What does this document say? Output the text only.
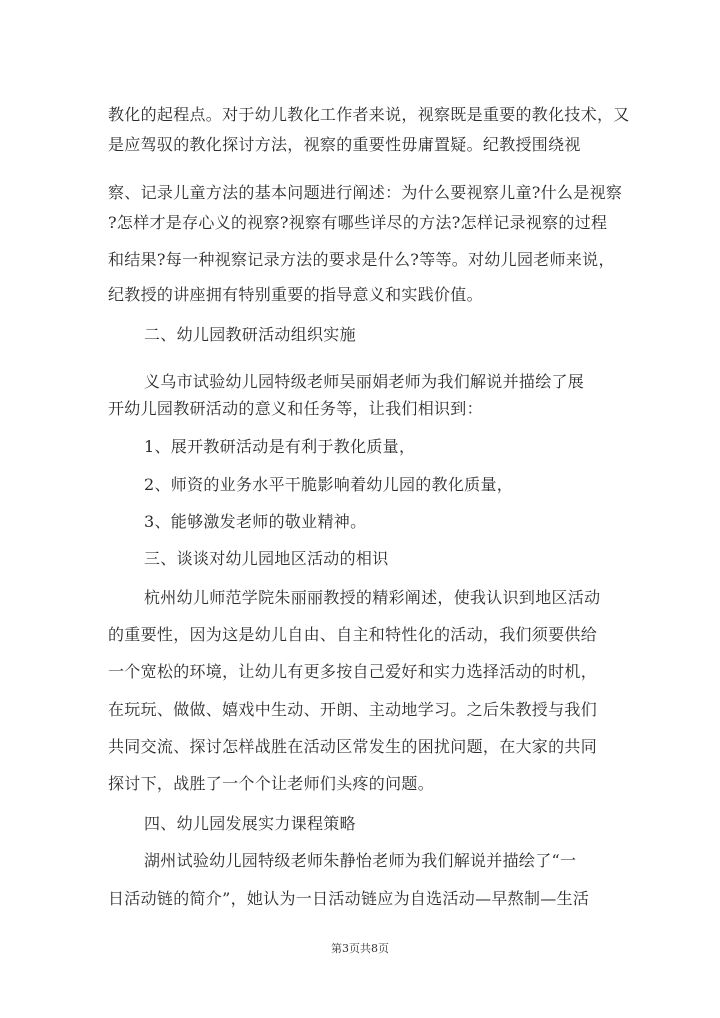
教化的起程点。对于幼儿教化工作者来说，视察既是重要的教化技术，又
是应驾驭的教化探讨方法，视察的重要性毋庸置疑。纪教授围绕视
察、记录儿童方法的基本问题进行阐述：为什么要视察儿童?什么是视察
?怎样才是存心义的视察?视察有哪些详尽的方法?怎样记录视察的过程
和结果?每一种视察记录方法的要求是什么?等等。对幼儿园老师来说，
纪教授的讲座拥有特别重要的指导意义和实践价值。
二、幼儿园教研活动组织实施
义乌市试验幼儿园特级老师吴丽娟老师为我们解说并描绘了展
开幼儿园教研活动的意义和任务等，让我们相识到：
1、展开教研活动是有利于教化质量，
2、师资的业务水平干脆影响着幼儿园的教化质量，
3、能够激发老师的敬业精神。
三、谈谈对幼儿园地区活动的相识
杭州幼儿师范学院朱丽丽教授的精彩阐述，使我认识到地区活动
的重要性，因为这是幼儿自由、自主和特性化的活动，我们须要供给
一个宽松的环境，让幼儿有更多按自己爱好和实力选择活动的时机，
在玩玩、做做、嬉戏中生动、开朗、主动地学习。之后朱教授与我们
共同交流、探讨怎样战胜在活动区常发生的困扰问题，在大家的共同
探讨下，战胜了一个个让老师们头疼的问题。
四、幼儿园发展实力课程策略
湖州试验幼儿园特级老师朱静怡老师为我们解说并描绘了“一
日活动链的简介”，她认为一日活动链应为自选活动—早熬制—生活
第3页共8页
